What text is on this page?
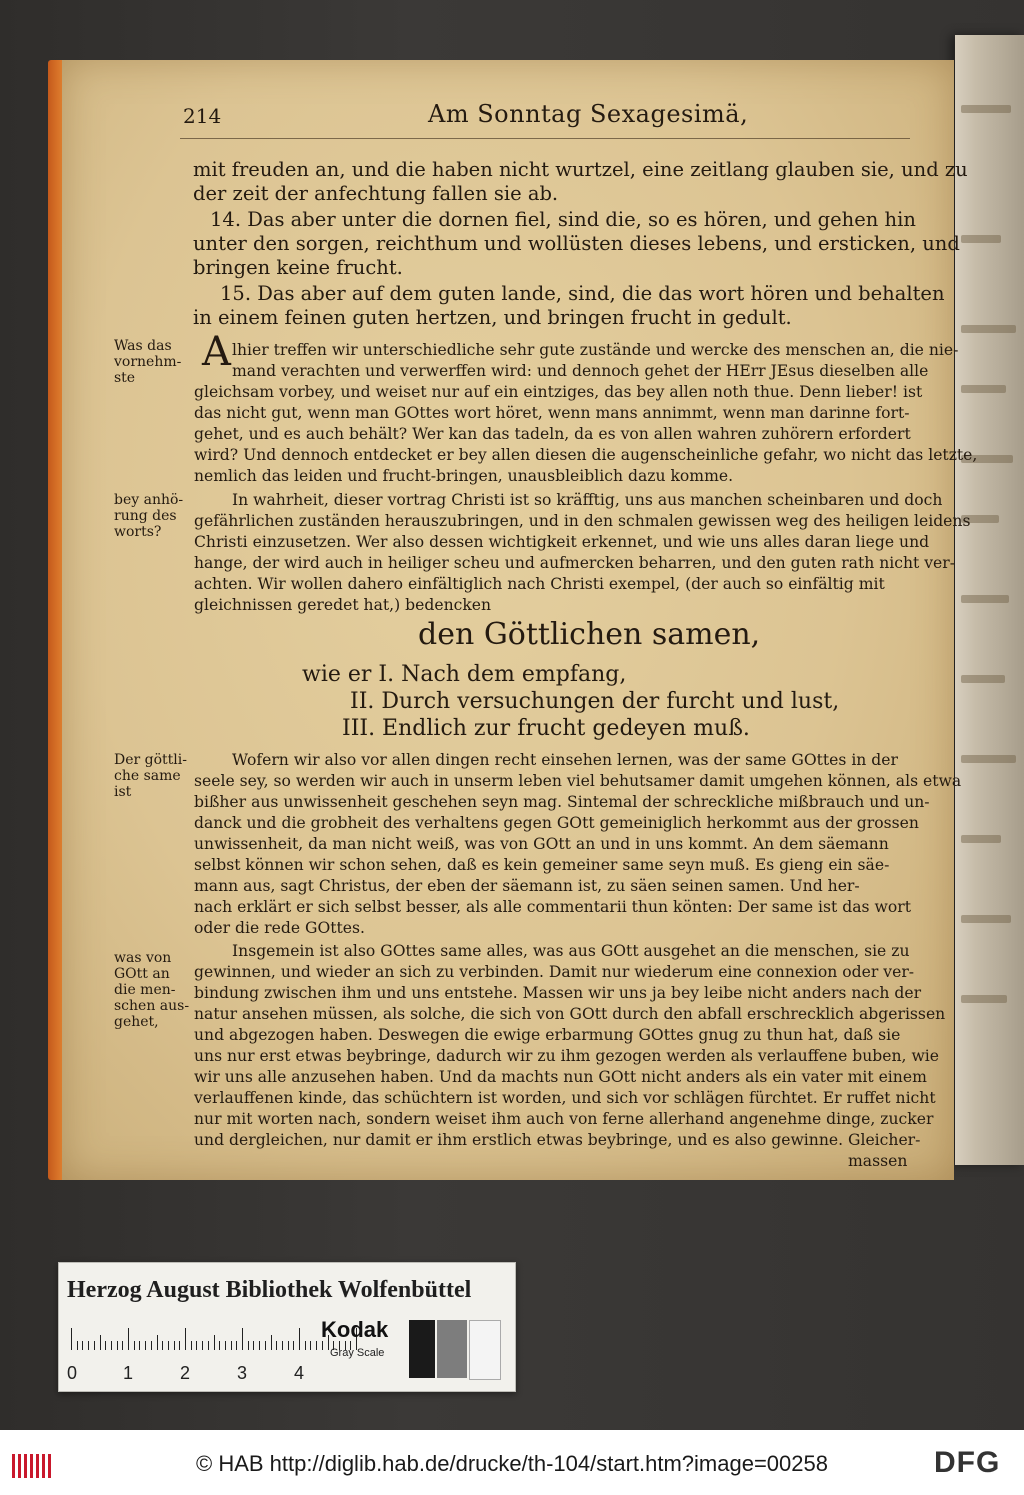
214	Am Sonntag Sexagesimä,
mit freuden an, und die haben nicht wurtzel, eine zeitlang glauben sie, und zu
der zeit der anfechtung fallen sie ab.
14. Das aber unter die dornen fiel, sind die, so es hören, und gehen hin
unter den sorgen, reichthum und wollüsten dieses lebens, und ersticken, und
bringen keine frucht.
15. Das aber auf dem guten lande, sind, die das wort hören und behalten
in einem feinen guten hertzen, und bringen frucht in gedult.
Was das
vornehm-
ste
A lhier treffen wir unterschiedliche sehr gute zustände und wercke des menschen an, die nie-
mand verachten und verwerffen wird: und dennoch gehet der HErr JEsus dieselben alle
gleichsam vorbey, und weiset nur auf ein eintziges, das bey allen noth thue. Denn lieber! ist
das nicht gut, wenn man GOttes wort höret, wenn mans annimmt, wenn man darinne fort-
gehet, und es auch behält? Wer kan das tadeln, da es von allen wahren zuhörern erfordert
wird? Und dennoch entdecket er bey allen diesen die augenscheinliche gefahr, wo nicht das letzte,
nemlich das leiden und frucht-bringen, unausbleiblich dazu komme.
bey anhö-
rung des
worts?
In wahrheit, dieser vortrag Christi ist so kräfftig, uns aus manchen scheinbaren und doch
gefährlichen zuständen herauszubringen, und in den schmalen gewissen weg des heiligen leidens
Christi einzusetzen. Wer also dessen wichtigkeit erkennet, und wie uns alles daran liege und
hange, der wird auch in heiliger scheu und aufmercken beharren, und den guten rath nicht ver-
achten. Wir wollen dahero einfältiglich nach Christi exempel, (der auch so einfältig mit
gleichnissen geredet hat,) bedencken
den Göttlichen samen,
wie er I. Nach dem empfang,
II. Durch versuchungen der furcht und lust,
III. Endlich zur frucht gedeyen muß.
Der göttli-
che same
ist
Wofern wir also vor allen dingen recht einsehen lernen, was der same GOttes in der
seele sey, so werden wir auch in unserm leben viel behutsamer damit umgehen können, als etwa
bißher aus unwissenheit geschehen seyn mag. Sintemal der schreckliche mißbrauch und un-
danck und die grobheit des verhaltens gegen GOtt gemeiniglich herkommt aus der grossen
unwissenheit, da man nicht weiß, was von GOtt an und in uns kommt. An dem säemann
selbst können wir schon sehen, daß es kein gemeiner same seyn muß. Es gieng ein säe-
mann aus, sagt Christus, der eben der säemann ist, zu säen seinen samen. Und her-
nach erklärt er sich selbst besser, als alle commentarii thun könten: Der same ist das wort
oder die rede GOttes.
was von
GOtt an
die men-
schen aus-
gehet,
Insgemein ist also GOttes same alles, was aus GOtt ausgehet an die menschen, sie zu
gewinnen, und wieder an sich zu verbinden. Damit nur wiederum eine connexion oder ver-
bindung zwischen ihm und uns entstehe. Massen wir uns ja bey leibe nicht anders nach der
natur ansehen müssen, als solche, die sich von GOtt durch den abfall erschrecklich abgerissen
und abgezogen haben. Deswegen die ewige erbarmung GOttes gnug zu thun hat, daß sie
uns nur erst etwas beybringe, dadurch wir zu ihm gezogen werden als verlauffene buben, wie
wir uns alle anzusehen haben. Und da machts nun GOtt nicht anders als ein vater mit einem
verlauffenen kinde, das schüchtern ist worden, und sich vor schlägen fürchtet. Er ruffet nicht
nur mit worten nach, sondern weiset ihm auch von ferne allerhand angenehme dinge, zucker
und dergleichen, nur damit er ihm erstlich etwas beybringe, und es also gewinne. Gleicher-
massen
Herzog August Bibliothek Wolfenbüttel
0	1	2	3	4
Kodak
Gray Scale
© HAB http://diglib.hab.de/drucke/th-104/start.htm?image=00258	DFG
